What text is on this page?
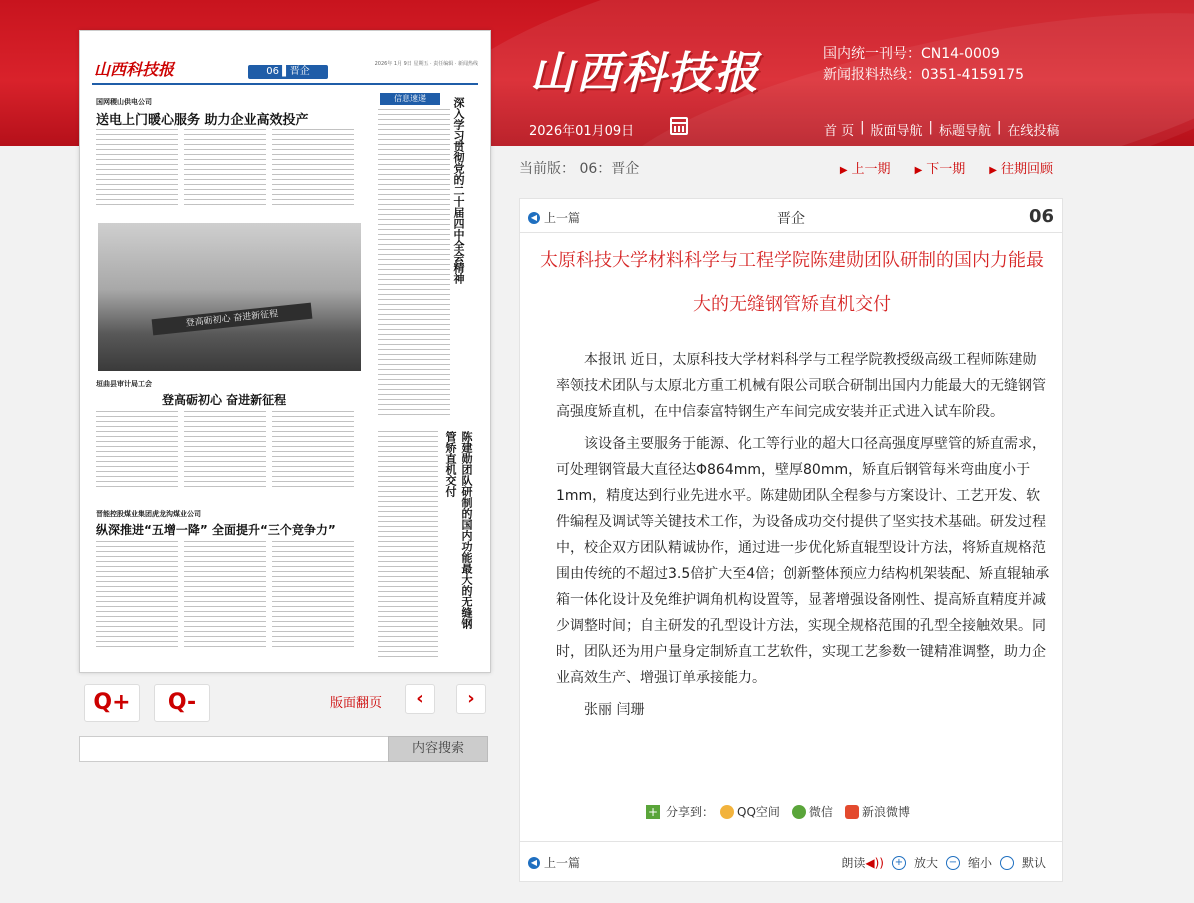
山西科技报	国内统一刊号：CN14-0009
新闻报料热线：0351-4159175
2026年01月09日	首 页 | 版面导航 | 标题导航 | 在线投稿
当前版： 06：晋企	▶ 上一期 ▶ 下一期 ▶ 往期回顾
山西科技报	06 ▌晋企
2026年 1月 9日 星期五 · 责任编辑 · 新闻热线
国网稷山供电公司
送电上门暖心服务 助力企业高效投产
登高砺初心 奋进新征程
垣曲县审计局工会
登高砺初心 奋进新征程
晋能控股煤业集团虎龙沟煤业公司
纵深推进“五增一降” 全面提升“三个竞争力”
信息速递	深入学习贯彻党的二十届四中全会精神
陈建勋团队研制的国内功能最大的无缝钢管矫直机交付
Q+	Q-	版面翻页	‹	›
内容搜索
◀ 上一篇	晋企	06
太原科技大学材料科学与工程学院陈建勋团队研制的国内力能最大的无缝钢管矫直机交付

本报讯 近日，太原科技大学材料科学与工程学院教授级高级工程师陈建勋率领技术团队与太原北方重工机械有限公司联合研制出国内力能最大的无缝钢管高强度矫直机，在中信泰富特钢生产车间完成安装并正式进入试车阶段。

该设备主要服务于能源、化工等行业的超大口径高强度厚壁管的矫直需求，可处理钢管最大直径达Φ864mm，壁厚80mm，矫直后钢管每米弯曲度小于1mm，精度达到行业先进水平。陈建勋团队全程参与方案设计、工艺开发、软件编程及调试等关键技术工作，为设备成功交付提供了坚实技术基础。研发过程中，校企双方团队精诚协作，通过进一步优化矫直辊型设计方法，将矫直规格范围由传统的不超过3.5倍扩大至4倍；创新整体预应力结构机架装配、矫直辊轴承箱一体化设计及免维护调角机构设置等，显著增强设备刚性、提高矫直精度并减少调整时间；自主研发的孔型设计方法，实现全规格范围的孔型全接触效果。同时，团队还为用户量身定制矫直工艺软件，实现工艺参数一键精准调整，助力企业高效生产、增强订单承接能力。

张丽 闫珊

+ 分享到： QQ空间 微信 新浪微博
◀ 上一篇	朗读◀)) + 放大 − 缩小	默认
